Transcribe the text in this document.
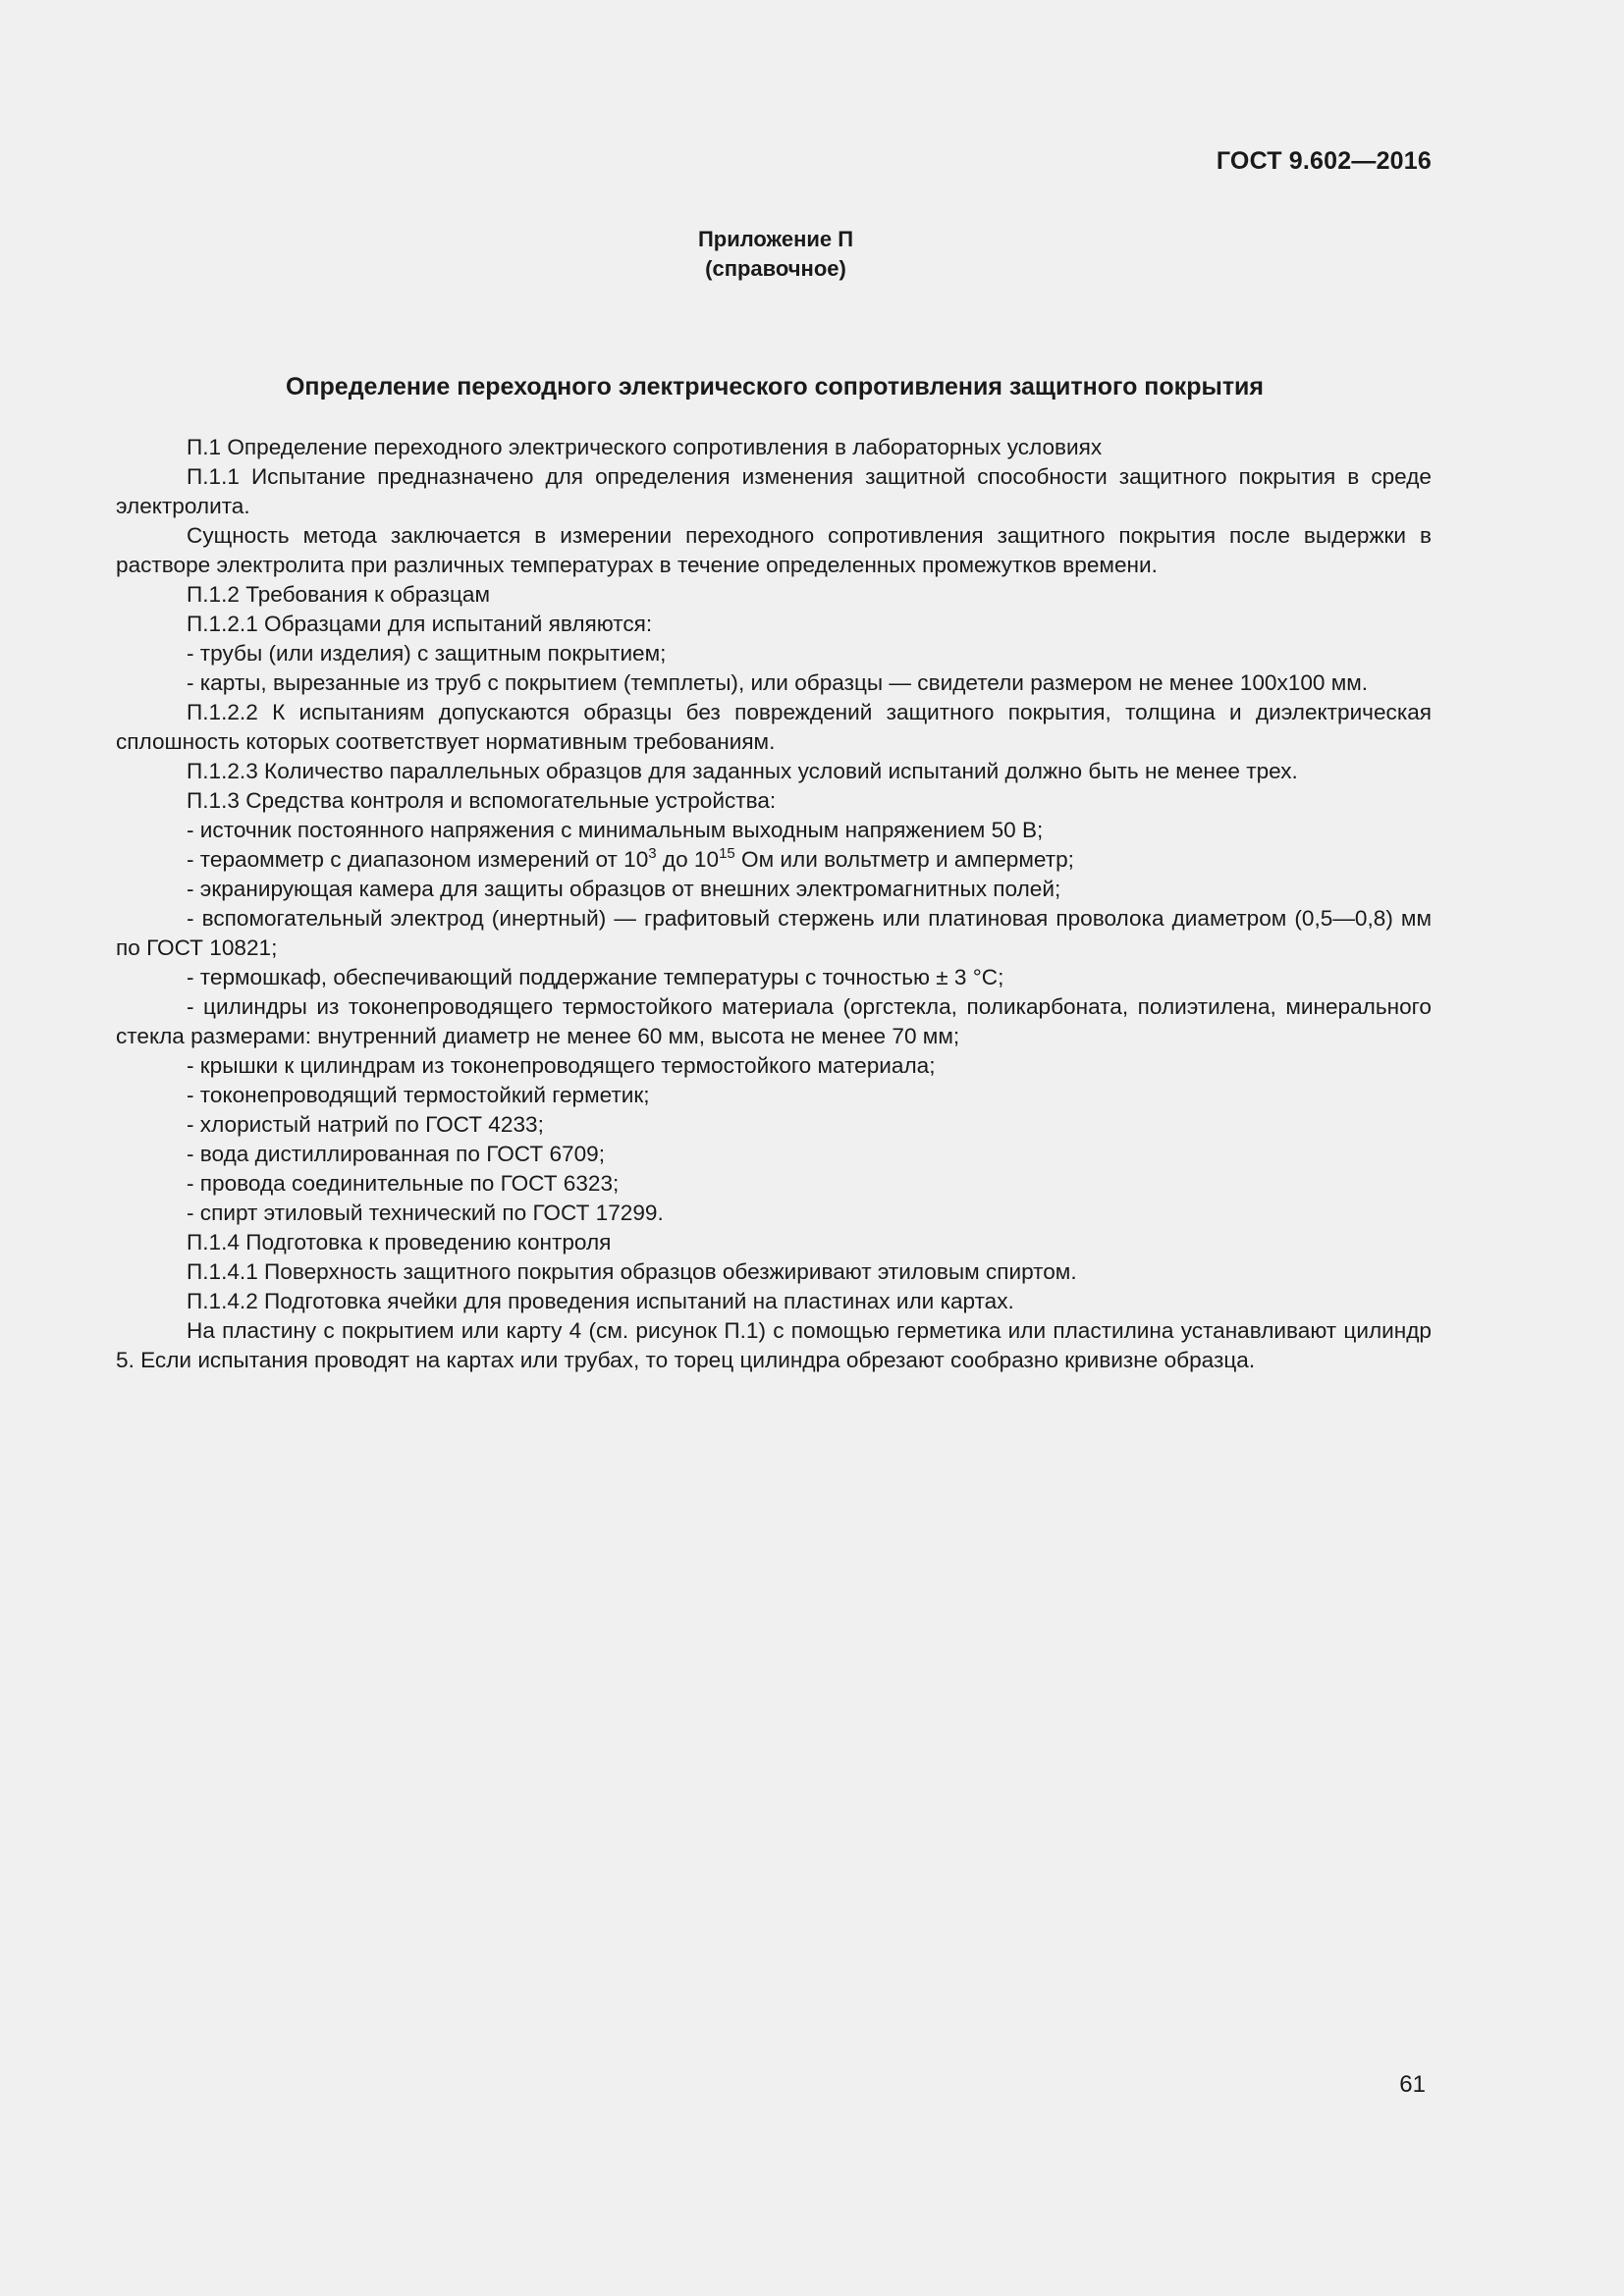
ГОСТ 9.602—2016
Приложение П
(справочное)
Определение переходного электрического сопротивления защитного покрытия

П.1 Определение переходного электрического сопротивления в лабораторных условиях

П.1.1 Испытание предназначено для определения изменения защитной способности защитного покрытия в среде электролита.

Сущность метода заключается в измерении переходного сопротивления защитного покрытия после выдержки в растворе электролита при различных температурах в течение определенных промежутков времени.

П.1.2 Требования к образцам

П.1.2.1 Образцами для испытаний являются:

- трубы (или изделия) с защитным покрытием;

- карты, вырезанные из труб с покрытием (темплеты), или образцы — свидетели размером не менее 100х100 мм.

П.1.2.2 К испытаниям допускаются образцы без повреждений защитного покрытия, толщина и диэлектрическая сплошность которых соответствует нормативным требованиям.

П.1.2.3 Количество параллельных образцов для заданных условий испытаний должно быть не менее трех.

П.1.3 Средства контроля и вспомогательные устройства:

- источник постоянного напряжения с минимальным выходным напряжением 50 В;

- тераомметр с диапазоном измерений от $10^3$ до $10^{15}$ Ом или вольтметр и амперметр;

- экранирующая камера для защиты образцов от внешних электромагнитных полей;

- вспомогательный электрод (инертный) — графитовый стержень или платиновая проволока диаметром (0,5—0,8) мм по ГОСТ 10821;

- термошкаф, обеспечивающий поддержание температуры с точностью ± 3 °С;

- цилиндры из токонепроводящего термостойкого материала (оргстекла, поликарбоната, полиэтилена, минерального стекла размерами: внутренний диаметр не менее 60 мм, высота не менее 70 мм;

- крышки к цилиндрам из токонепроводящего термостойкого материала;

- токонепроводящий термостойкий герметик;

- хлористый натрий по ГОСТ 4233;

- вода дистиллированная по ГОСТ 6709;

- провода соединительные по ГОСТ 6323;

- спирт этиловый технический по ГОСТ 17299.

П.1.4 Подготовка к проведению контроля

П.1.4.1 Поверхность защитного покрытия образцов обезжиривают этиловым спиртом.

П.1.4.2 Подготовка ячейки для проведения испытаний на пластинах или картах.

На пластину с покрытием или карту 4 (см. рисунок П.1) с помощью герметика или пластилина устанавливают цилиндр 5. Если испытания проводят на картах или трубах, то торец цилиндра обрезают сообразно кривизне образца.

61
